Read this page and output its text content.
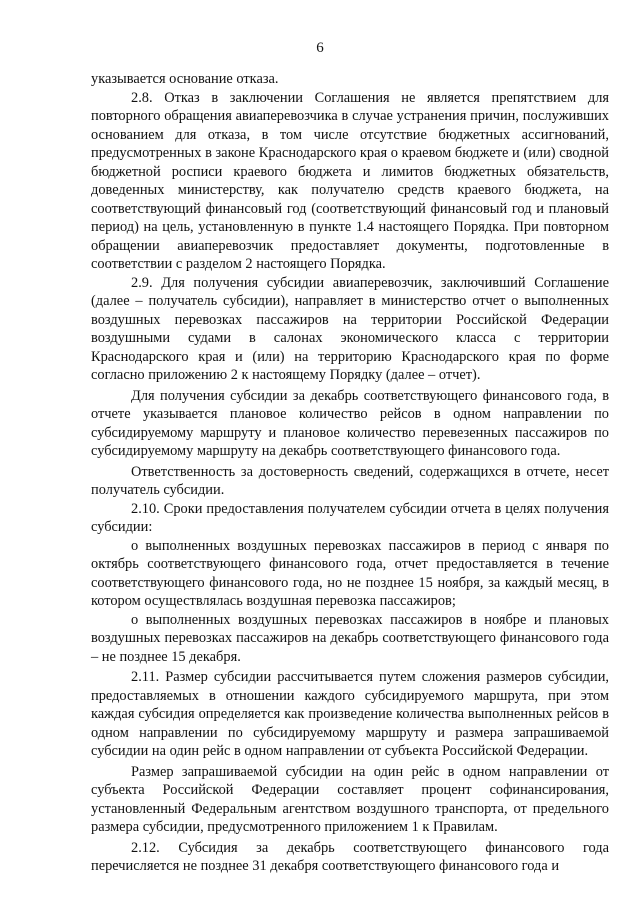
6

указывается основание отказа.

2.8. Отказ в заключении Соглашения не является препятствием для повторного обращения авиаперевозчика в случае устранения причин, послуживших основанием для отказа, в том числе отсутствие бюджетных ассигнований, предусмотренных в законе Краснодарского края о краевом бюджете и (или) сводной бюджетной росписи краевого бюджета и лимитов бюджетных обязательств, доведенных министерству, как получателю средств краевого бюджета, на соответствующий финансовый год (соответствующий финансовый год и плановый период) на цель, установленную в пункте 1.4 настоящего Порядка. При повторном обращении авиаперевозчик предоставляет документы, подготовленные в соответствии с разделом 2 настоящего Порядка.

2.9. Для получения субсидии авиаперевозчик, заключивший Соглашение (далее – получатель субсидии), направляет в министерство отчет о выполненных воздушных перевозках пассажиров на территории Российской Федерации воздушными судами в салонах экономического класса с территории Краснодарского края и (или) на территорию Краснодарского края по форме согласно приложению 2 к настоящему Порядку (далее – отчет).

Для получения субсидии за декабрь соответствующего финансового года, в отчете указывается плановое количество рейсов в одном направлении по субсидируемому маршруту и плановое количество перевезенных пассажиров по субсидируемому маршруту на декабрь соответствующего финансового года.

Ответственность за достоверность сведений, содержащихся в отчете, несет получатель субсидии.

2.10. Сроки предоставления получателем субсидии отчета в целях получения субсидии:

о выполненных воздушных перевозках пассажиров в период с января по октябрь соответствующего финансового года, отчет предоставляется в течение соответствующего финансового года, но не позднее 15 ноября, за каждый месяц, в котором осуществлялась воздушная перевозка пассажиров;

о выполненных воздушных перевозках пассажиров в ноябре и плановых воздушных перевозках пассажиров на декабрь соответствующего финансового года – не позднее 15 декабря.

2.11. Размер субсидии рассчитывается путем сложения размеров субсидии, предоставляемых в отношении каждого субсидируемого маршрута, при этом каждая субсидия определяется как произведение количества выполненных рейсов в одном направлении по субсидируемому маршруту и размера запрашиваемой субсидии на один рейс в одном направлении от субъекта Российской Федерации.

Размер запрашиваемой субсидии на один рейс в одном направлении от субъекта Российской Федерации составляет процент софинансирования, установленный Федеральным агентством воздушного транспорта, от предельного размера субсидии, предусмотренного приложением 1 к Правилам.

2.12. Субсидия за декабрь соответствующего финансового года перечисляется не позднее 31 декабря соответствующего финансового года и
